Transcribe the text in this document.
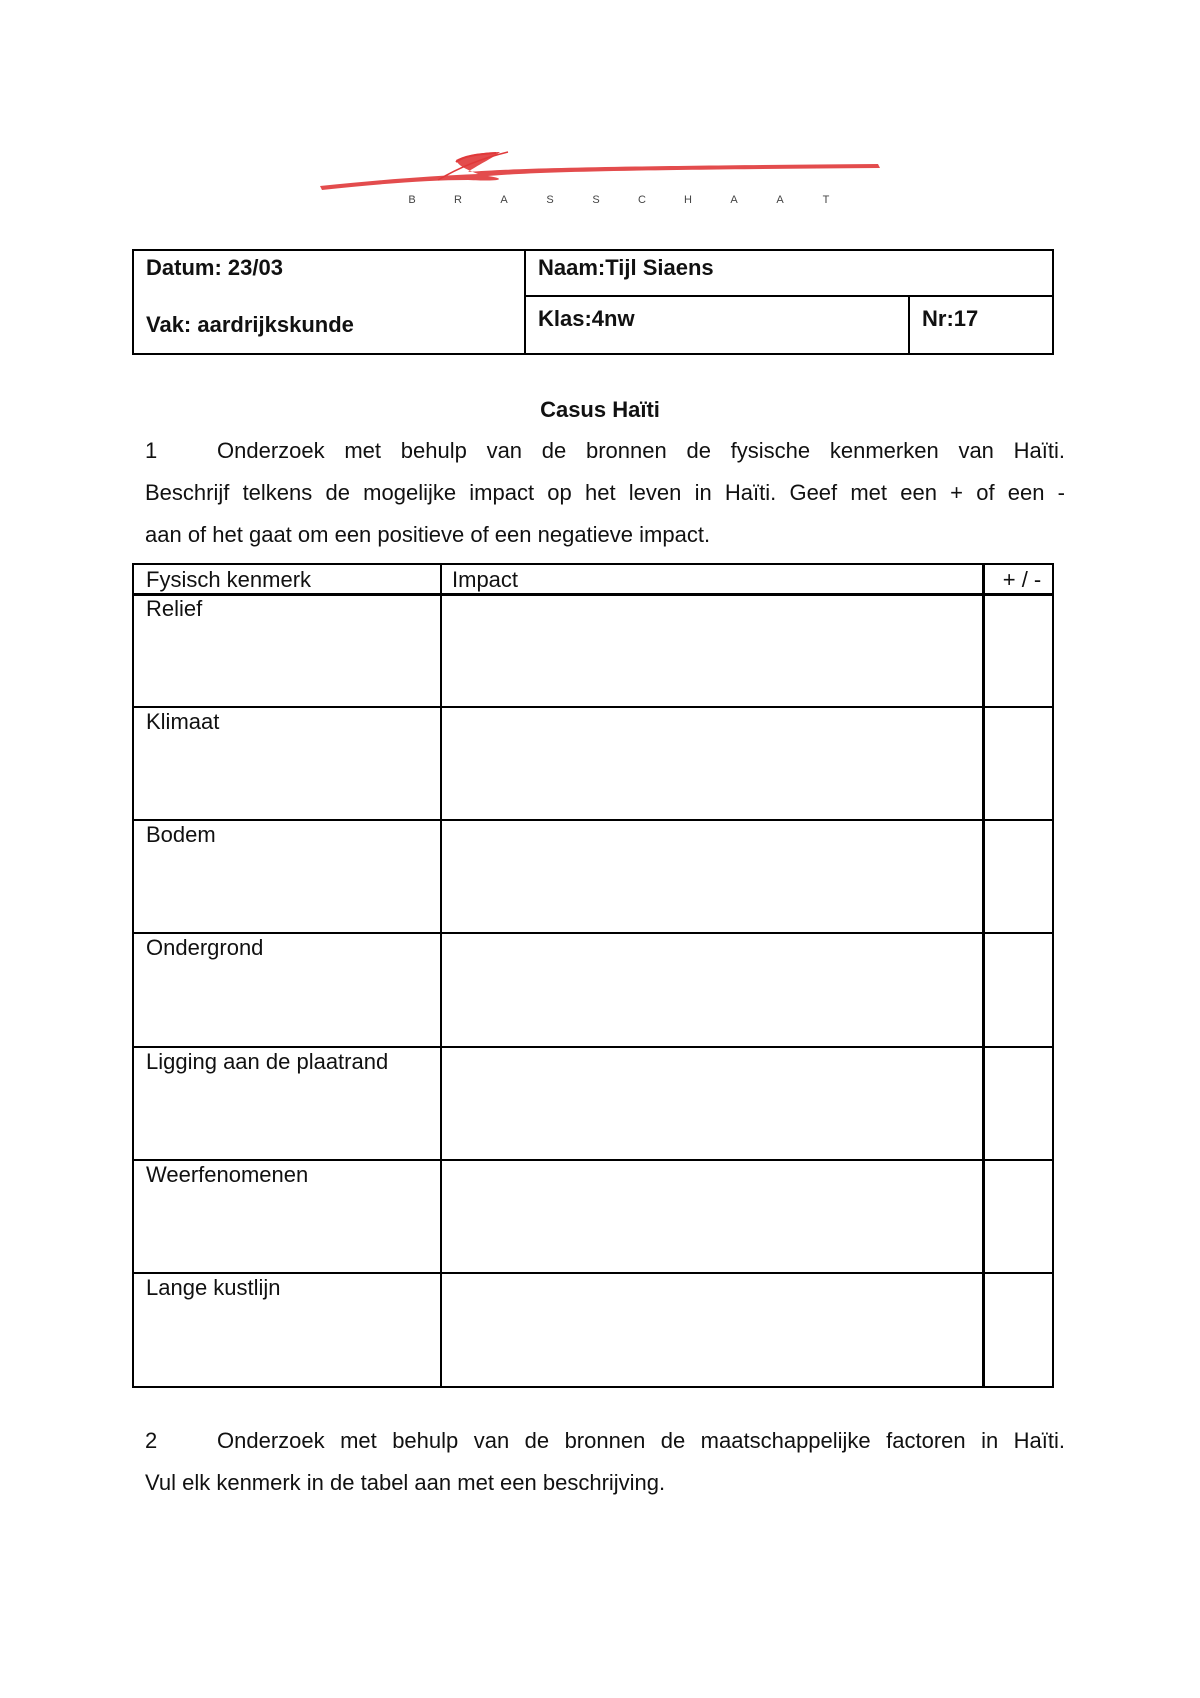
B	R	A	S	S	C	H	A	A	T
Datum: 23/03
Vak: aardrijkskunde
Naam:Tijl Siaens
Klas:4nw	Nr:17
Casus Haïti
1	Onderzoek met behulp van de bronnen de fysische kenmerken van Haïti.
Beschrijf telkens de mogelijke impact op het leven in Haïti. Geef met een + of een -
aan of het gaat om een positieve of een negatieve impact.
Fysisch kenmerk	Impact	+ / -
Relief
Klimaat
Bodem
Ondergrond
Ligging aan de plaatrand
Weerfenomenen
Lange kustlijn
2	Onderzoek met behulp van de bronnen de maatschappelijke factoren in Haïti.
Vul elk kenmerk in de tabel aan met een beschrijving.
